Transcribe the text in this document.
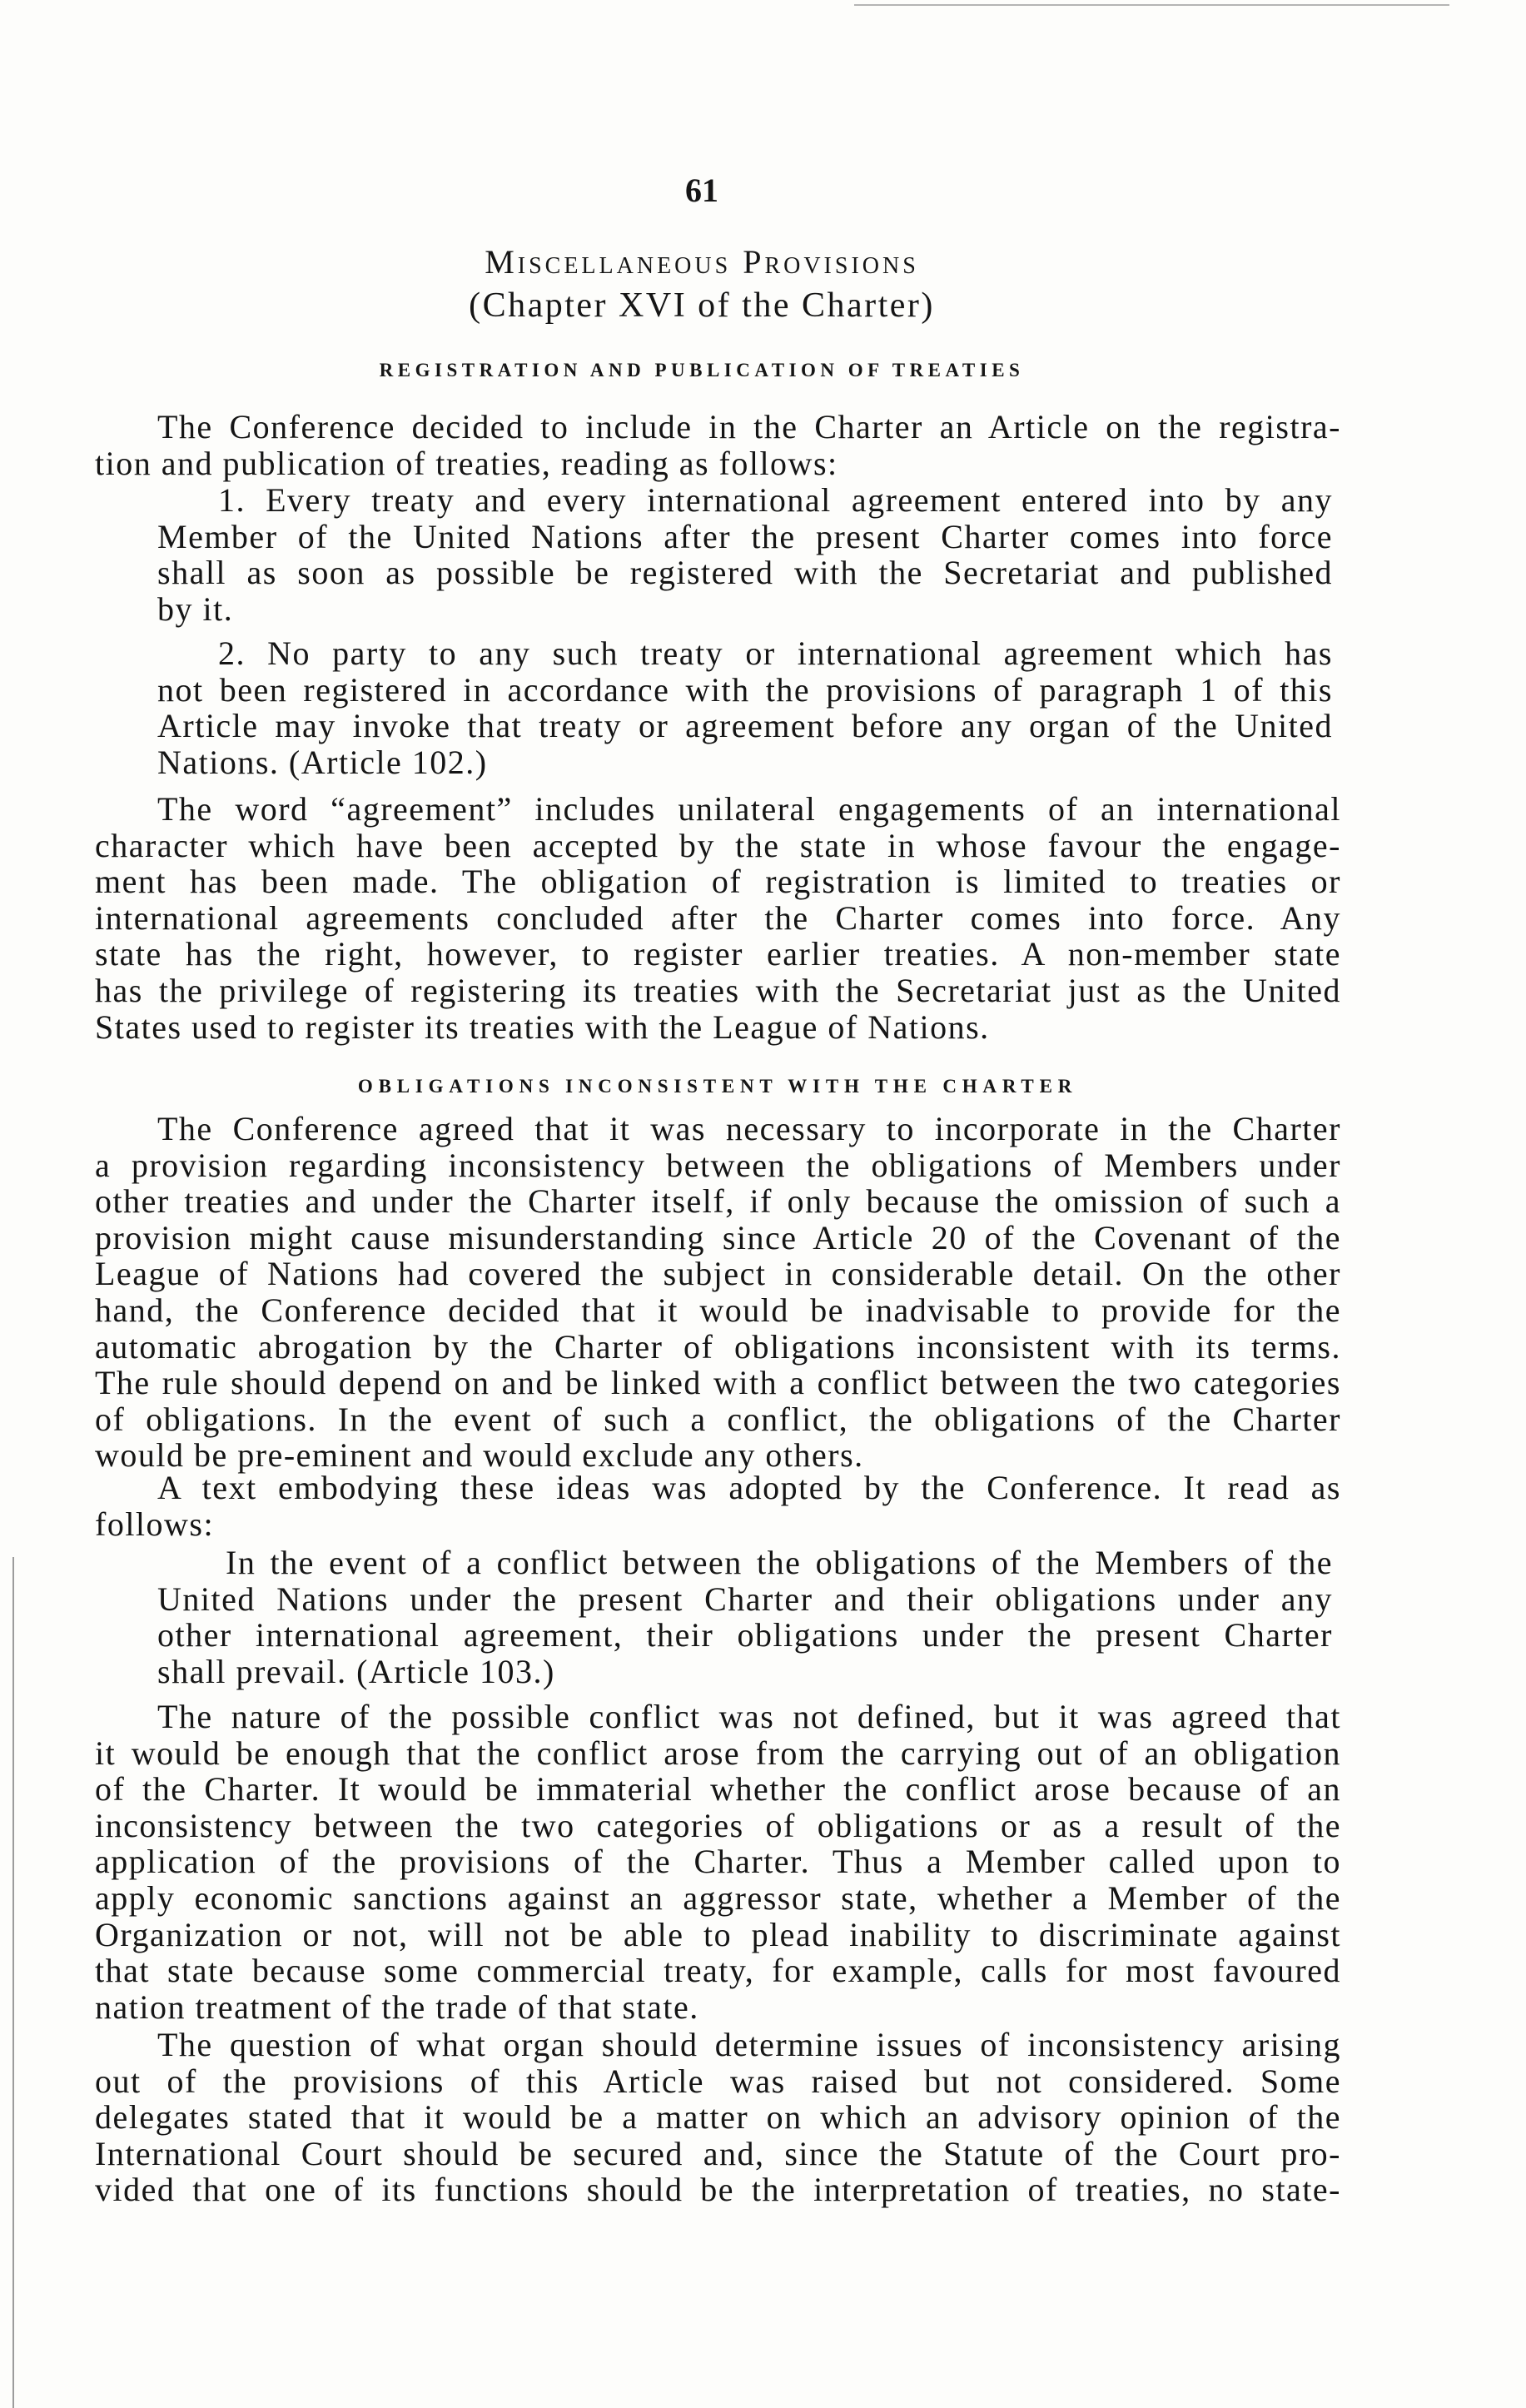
61
Miscellaneous Provisions
(Chapter XVI of the Charter)
REGISTRATION AND PUBLICATION OF TREATIES
The Conference decided to include in the Charter an Article on the registra-
tion and publication of treaties, reading as follows:
1. Every treaty and every international agreement entered into by any
Member of the United Nations after the present Charter comes into force
shall as soon as possible be registered with the Secretariat and published
by it.
2. No party to any such treaty or international agreement which has
not been registered in accordance with the provisions of paragraph 1 of this
Article may invoke that treaty or agreement before any organ of the United
Nations. (Article 102.)
The word “agreement” includes unilateral engagements of an international
character which have been accepted by the state in whose favour the engage-
ment has been made. The obligation of registration is limited to treaties or
international agreements concluded after the Charter comes into force. Any
state has the right, however, to register earlier treaties. A non-member state
has the privilege of registering its treaties with the Secretariat just as the United
States used to register its treaties with the League of Nations.
OBLIGATIONS INCONSISTENT WITH THE CHARTER
The Conference agreed that it was necessary to incorporate in the Charter
a provision regarding inconsistency between the obligations of Members under
other treaties and under the Charter itself, if only because the omission of such a
provision might cause misunderstanding since Article 20 of the Covenant of the
League of Nations had covered the subject in considerable detail. On the other
hand, the Conference decided that it would be inadvisable to provide for the
automatic abrogation by the Charter of obligations inconsistent with its terms.
The rule should depend on and be linked with a conflict between the two categories
of obligations. In the event of such a conflict, the obligations of the Charter
would be pre-eminent and would exclude any others.
A text embodying these ideas was adopted by the Conference. It read as
follows:
In the event of a conflict between the obligations of the Members of the
United Nations under the present Charter and their obligations under any
other international agreement, their obligations under the present Charter
shall prevail. (Article 103.)
The nature of the possible conflict was not defined, but it was agreed that
it would be enough that the conflict arose from the carrying out of an obligation
of the Charter. It would be immaterial whether the conflict arose because of an
inconsistency between the two categories of obligations or as a result of the
application of the provisions of the Charter. Thus a Member called upon to
apply economic sanctions against an aggressor state, whether a Member of the
Organization or not, will not be able to plead inability to discriminate against
that state because some commercial treaty, for example, calls for most favoured
nation treatment of the trade of that state.
The question of what organ should determine issues of inconsistency arising
out of the provisions of this Article was raised but not considered. Some
delegates stated that it would be a matter on which an advisory opinion of the
International Court should be secured and, since the Statute of the Court pro-
vided that one of its functions should be the interpretation of treaties, no state-
